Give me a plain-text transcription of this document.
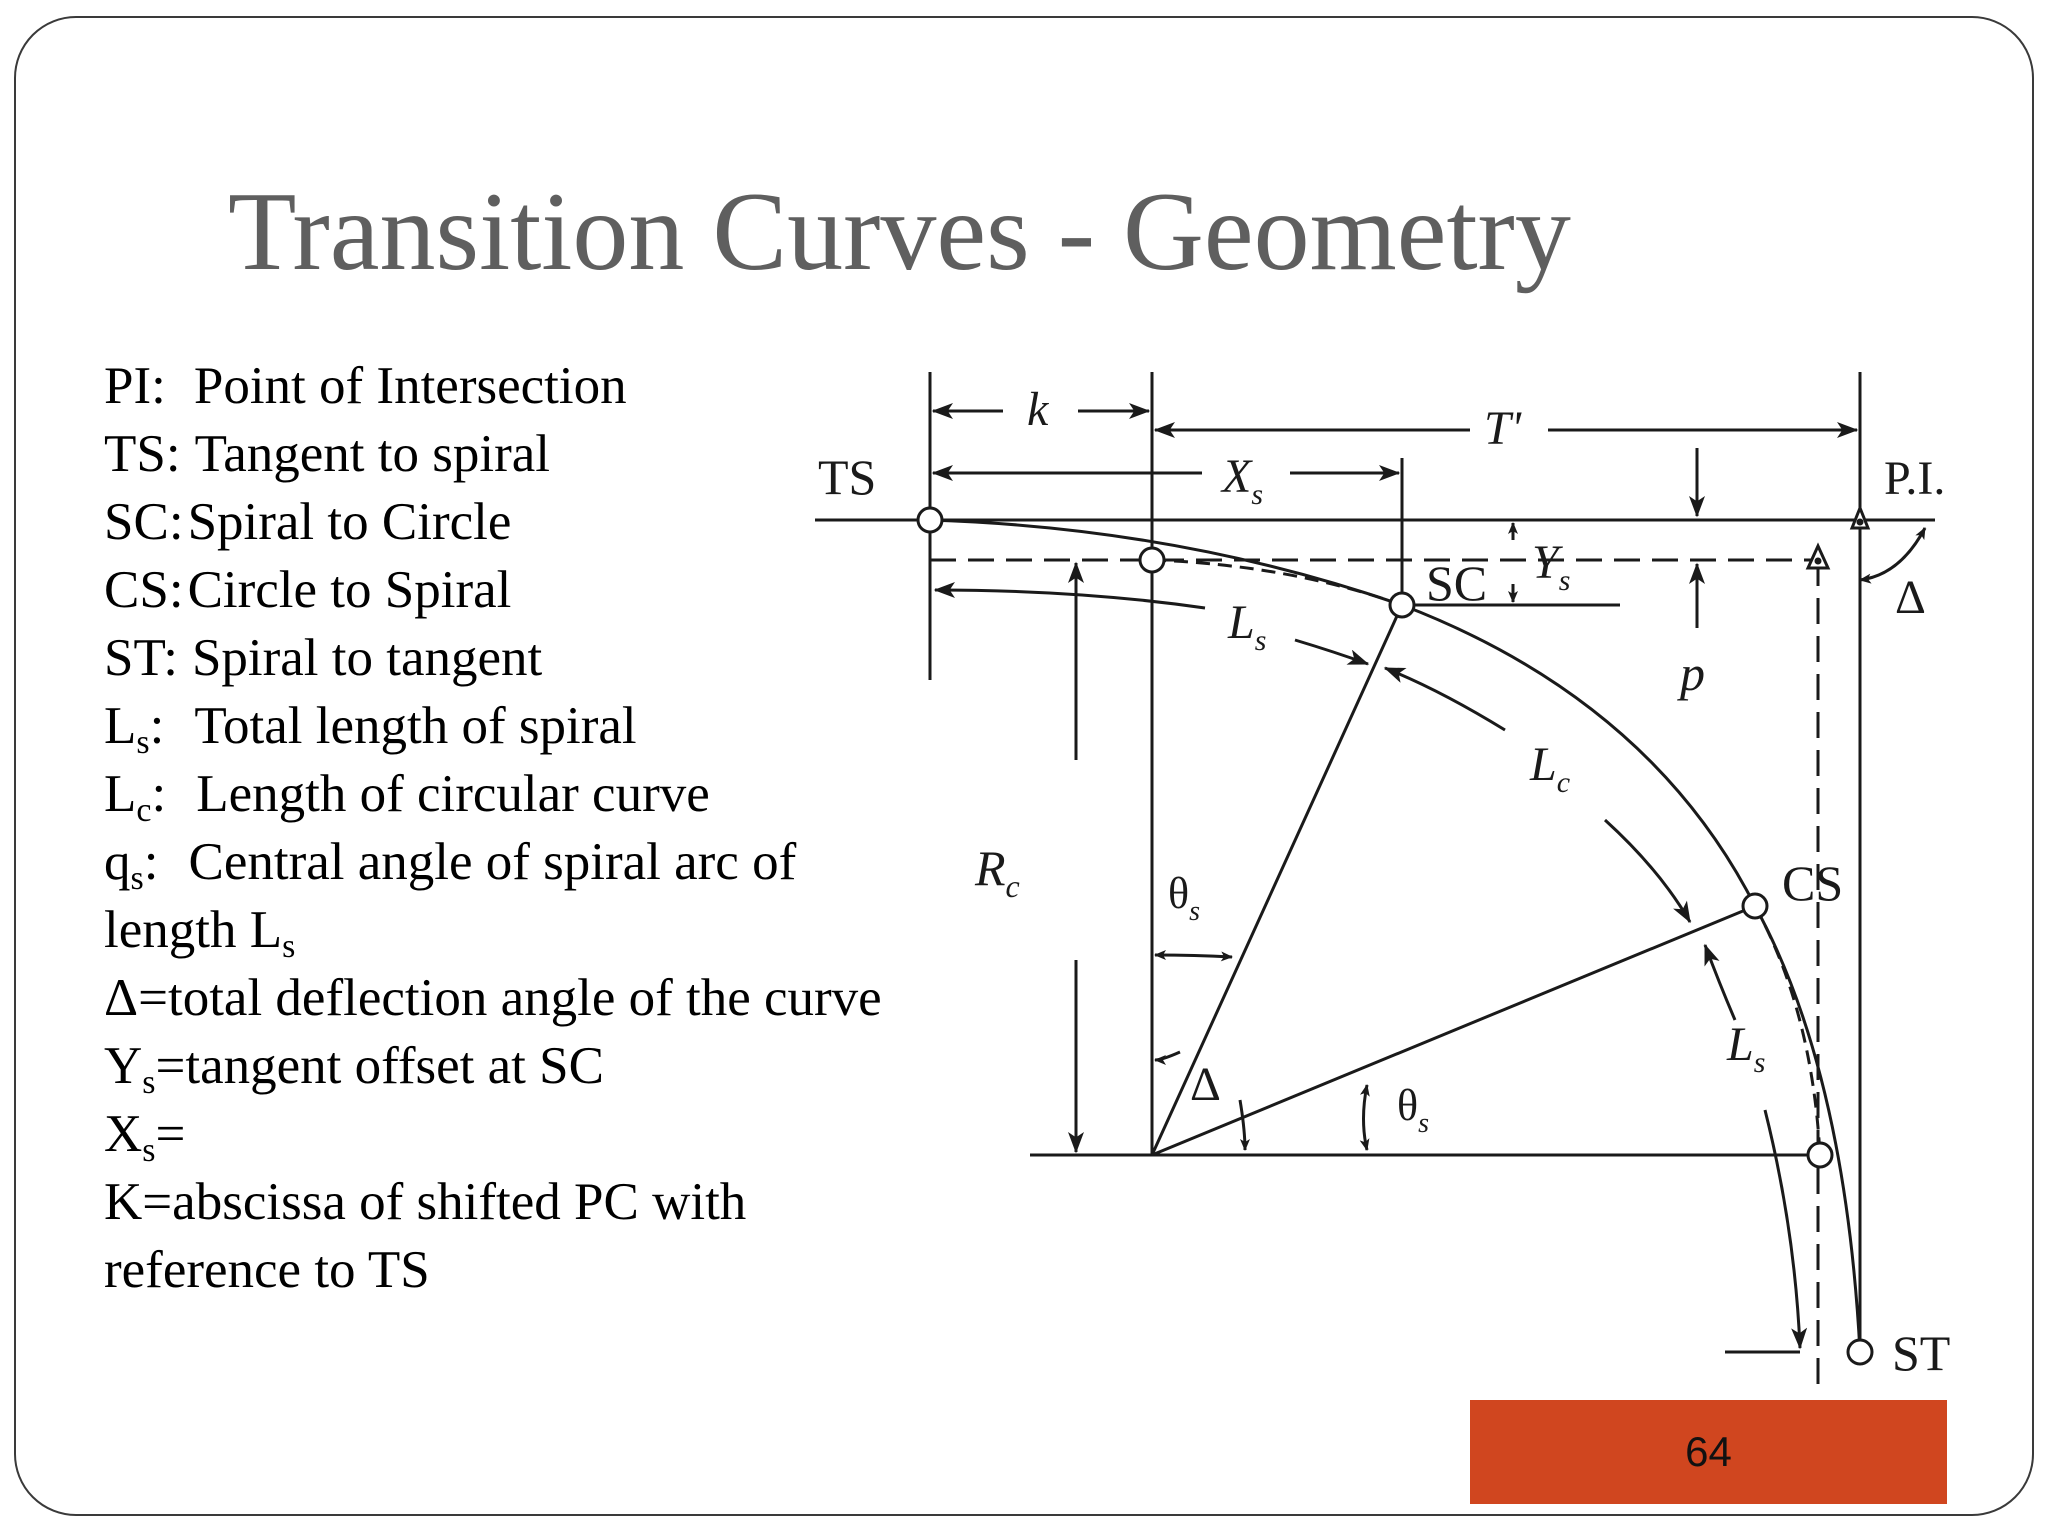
Transition Curves - Geometry
PI: Point of Intersection
TS: Tangent to spiral
SC:Spiral to Circle
CS:Circle to Spiral
ST: Spiral to tangent
$L_s$: Total length of spiral
$L_c$: Length of circular curve
$q_s$: Central angle of spiral arc of length $L_s$
Δ=total deflection angle of the curve
$Y_s=tangent$ offset at SC
$X_s=$
K=abscissa of shifted PC with reference to TS
TS
SC
CS
ST
P.I.
k	T'
$X_s$
$Y_s$
p
$R_c$
$L_s$
$L_c$
$L_s$
$\theta_s$
Δ	$\theta_s$
Δ
64
